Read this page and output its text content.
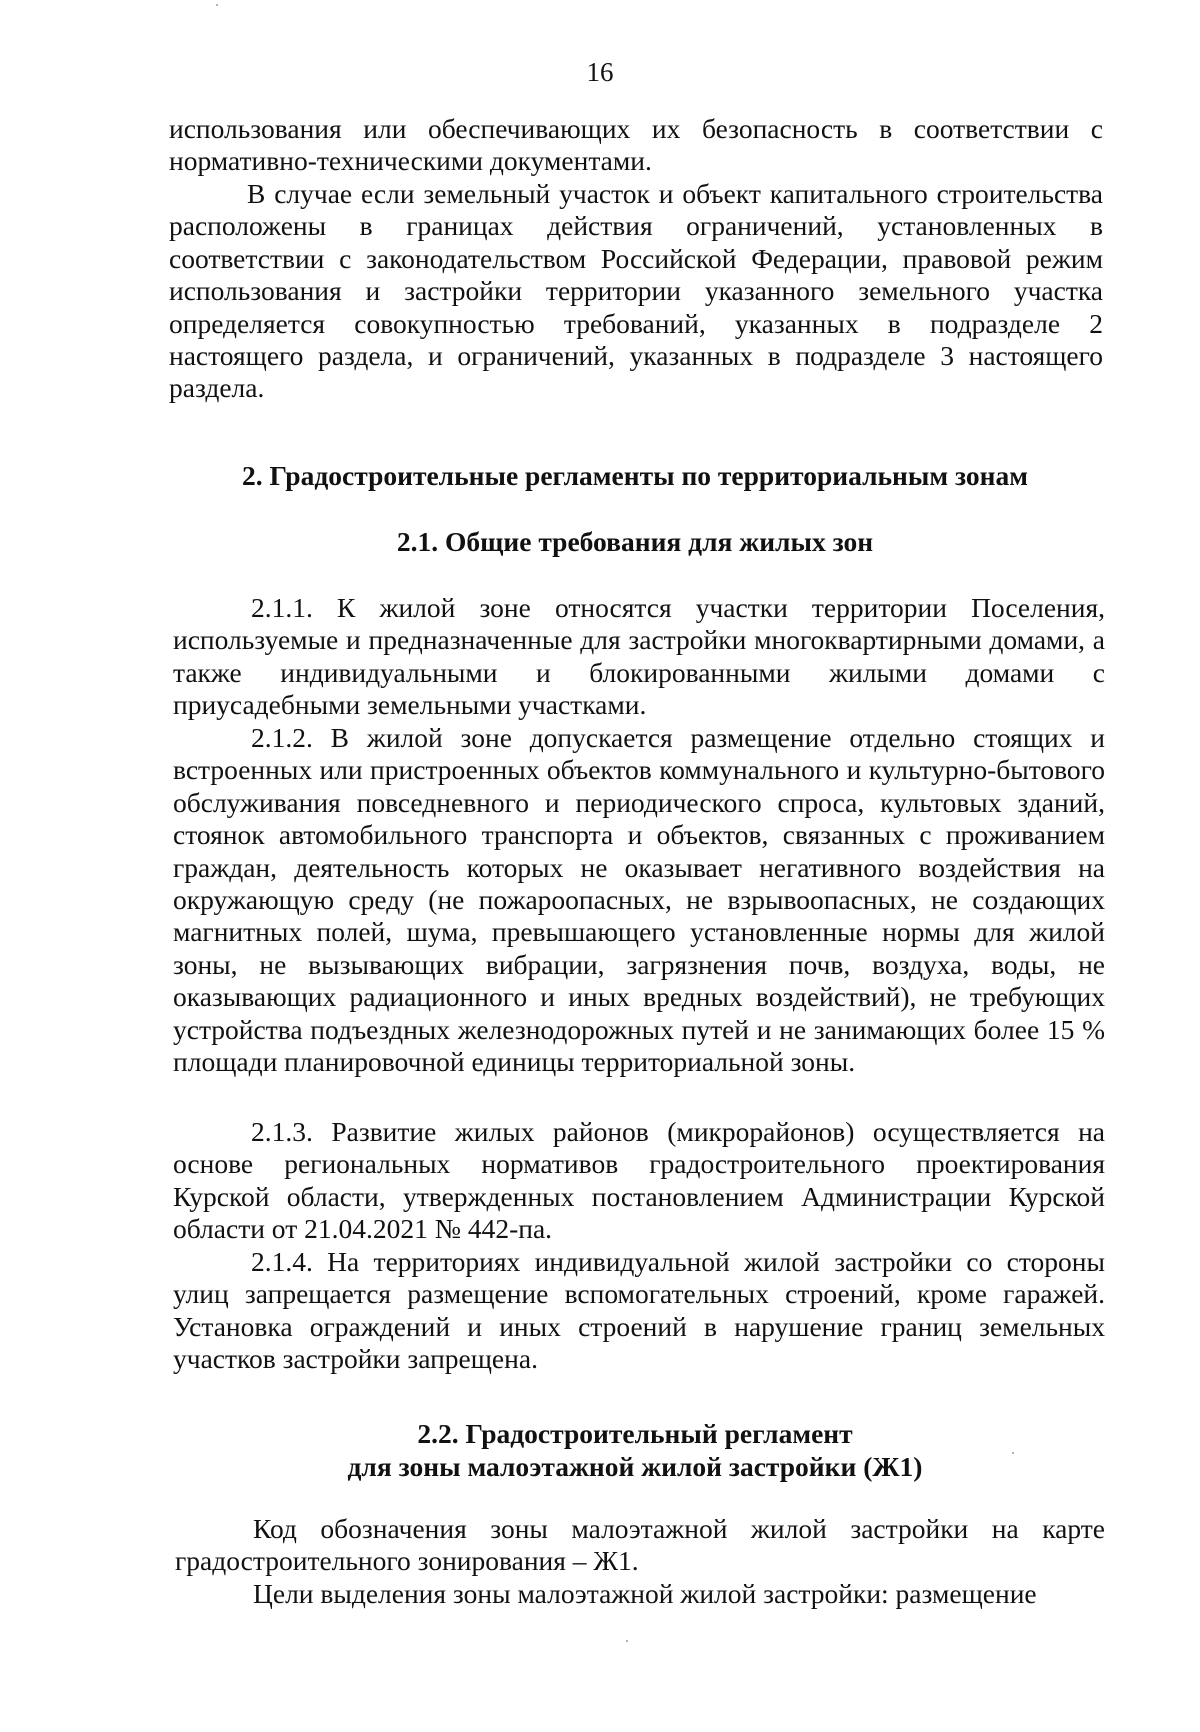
16
использования или обеспечивающих их безопасность в соответствии с нормативно-техническими документами.
В случае если земельный участок и объект капитального строительства расположены в границах действия ограничений, установленных в соответствии с законодательством Российской Федерации, правовой режим использования и застройки территории указанного земельного участка определяется совокупностью требований, указанных в подразделе 2 настоящего раздела, и ограничений, указанных в подразделе 3 настоящего раздела.
2. Градостроительные регламенты по территориальным зонам
2.1. Общие требования для жилых зон
2.1.1. К жилой зоне относятся участки территории Поселения, используемые и предназначенные для застройки многоквартирными домами, а также индивидуальными и блокированными жилыми домами с приусадебными земельными участками.
2.1.2. В жилой зоне допускается размещение отдельно стоящих и встроенных или пристроенных объектов коммунального и культурно-бытового обслуживания повседневного и периодического спроса, культовых зданий, стоянок автомобильного транспорта и объектов, связанных с проживанием граждан, деятельность которых не оказывает негативного воздействия на окружающую среду (не пожароопасных, не взрывоопасных, не создающих магнитных полей, шума, превышающего установленные нормы для жилой зоны, не вызывающих вибрации, загрязнения почв, воздуха, воды, не оказывающих радиационного и иных вредных воздействий), не требующих устройства подъездных железнодорожных путей и не занимающих более 15 % площади планировочной единицы территориальной зоны.
2.1.3. Развитие жилых районов (микрорайонов) осуществляется на основе региональных нормативов градостроительного проектирования Курской области, утвержденных постановлением Администрации Курской области от 21.04.2021 № 442-па.
2.1.4. На территориях индивидуальной жилой застройки со стороны улиц запрещается размещение вспомогательных строений, кроме гаражей. Установка ограждений и иных строений в нарушение границ земельных участков застройки запрещена.
2.2. Градостроительный регламент
для зоны малоэтажной жилой застройки (Ж1)
Код обозначения зоны малоэтажной жилой застройки на карте градостроительного зонирования – Ж1.
Цели выделения зоны малоэтажной жилой застройки: размещение
